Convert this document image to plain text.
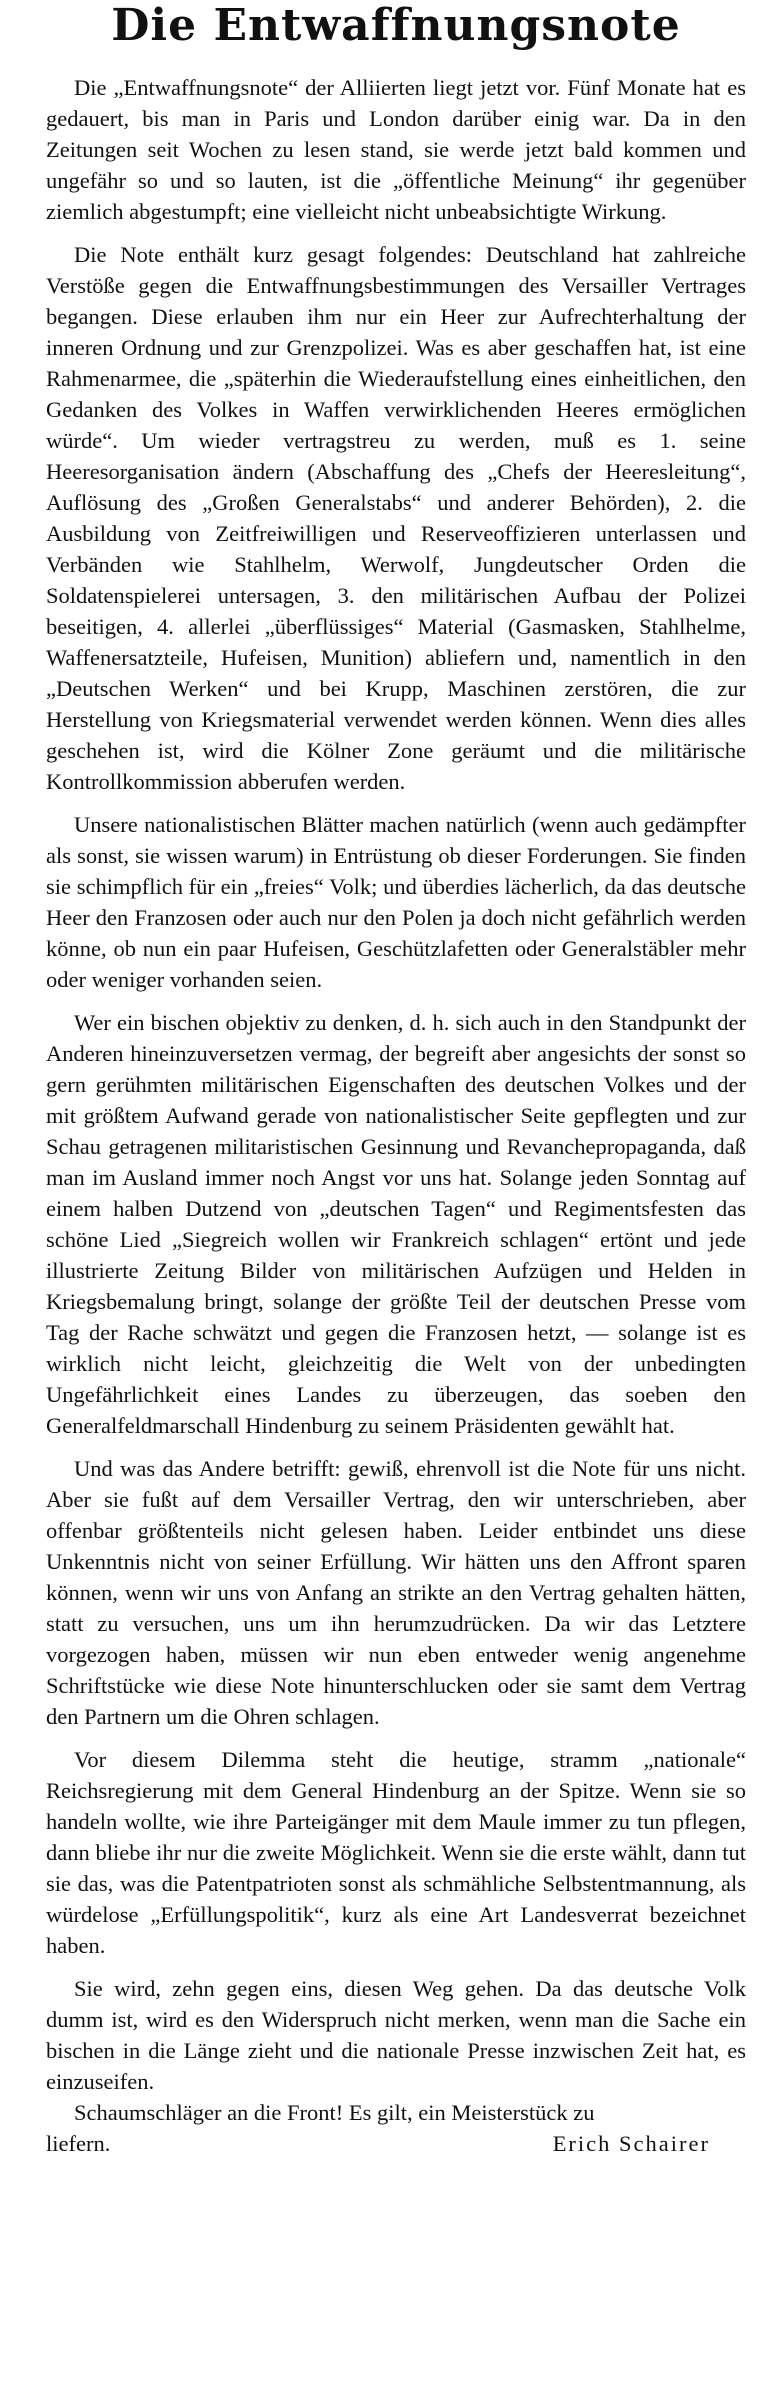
Die Entwaffnungsnote

Die „Entwaffnungsnote“ der Alliierten liegt jetzt vor. Fünf Monate hat es gedauert, bis man in Paris und London darüber einig war. Da in den Zeitungen seit Wochen zu lesen stand, sie werde jetzt bald kommen und ungefähr so und so lauten, ist die „öffentliche Meinung“ ihr gegenüber ziemlich abgestumpft; eine vielleicht nicht unbeabsichtigte Wirkung.

Die Note enthält kurz gesagt folgendes: Deutschland hat zahlreiche Verstöße gegen die Entwaffnungsbestimmungen des Versailler Vertrages begangen. Diese erlauben ihm nur ein Heer zur Aufrechterhaltung der inneren Ordnung und zur Grenzpolizei. Was es aber geschaffen hat, ist eine Rahmenarmee, die „späterhin die Wiederaufstellung eines einheitlichen, den Gedanken des Volkes in Waffen verwirklichenden Heeres ermöglichen würde“. Um wieder vertragstreu zu werden, muß es 1. seine Heeresorganisation ändern (Abschaffung des „Chefs der Heeresleitung“, Auflösung des „Großen Generalstabs“ und anderer Behörden), 2. die Ausbildung von Zeitfreiwilligen und Reserveoffizieren unterlassen und Verbänden wie Stahlhelm, Werwolf, Jungdeutscher Orden die Soldatenspielerei untersagen, 3. den militärischen Aufbau der Polizei beseitigen, 4. allerlei „überflüssiges“ Material (Gasmasken, Stahlhelme, Waffenersatzteile, Hufeisen, Munition) abliefern und, namentlich in den „Deutschen Werken“ und bei Krupp, Maschinen zerstören, die zur Herstellung von Kriegsmaterial verwendet werden können. Wenn dies alles geschehen ist, wird die Kölner Zone geräumt und die militärische Kontrollkommission abberufen werden.

Unsere nationalistischen Blätter machen natürlich (wenn auch gedämpfter als sonst, sie wissen warum) in Entrüstung ob dieser Forderungen. Sie finden sie schimpflich für ein „freies“ Volk; und überdies lächerlich, da das deutsche Heer den Franzosen oder auch nur den Polen ja doch nicht gefährlich werden könne, ob nun ein paar Hufeisen, Geschützlafetten oder Generalstäbler mehr oder weniger vorhanden seien.

Wer ein bischen objektiv zu denken, d. h. sich auch in den Standpunkt der Anderen hineinzuversetzen vermag, der begreift aber angesichts der sonst so gern gerühmten militärischen Eigenschaften des deutschen Volkes und der mit größtem Aufwand gerade von nationalistischer Seite gepflegten und zur Schau getragenen militaristischen Gesinnung und Revanchepropaganda, daß man im Ausland immer noch Angst vor uns hat. Solange jeden Sonntag auf einem halben Dutzend von „deutschen Tagen“ und Regimentsfesten das schöne Lied „Siegreich wollen wir Frankreich schlagen“ ertönt und jede illustrierte Zeitung Bilder von militärischen Aufzügen und Helden in Kriegsbemalung bringt, solange der größte Teil der deutschen Presse vom Tag der Rache schwätzt und gegen die Franzosen hetzt, — solange ist es wirklich nicht leicht, gleichzeitig die Welt von der unbedingten Ungefährlichkeit eines Landes zu überzeugen, das soeben den Generalfeldmarschall Hindenburg zu seinem Präsidenten gewählt hat.

Und was das Andere betrifft: gewiß, ehrenvoll ist die Note für uns nicht. Aber sie fußt auf dem Versailler Vertrag, den wir unterschrieben, aber offenbar größtenteils nicht gelesen haben. Leider entbindet uns diese Unkenntnis nicht von seiner Erfüllung. Wir hätten uns den Affront sparen können, wenn wir uns von Anfang an strikte an den Vertrag gehalten hätten, statt zu versuchen, uns um ihn herumzudrücken. Da wir das Letztere vorgezogen haben, müssen wir nun eben entweder wenig angenehme Schriftstücke wie diese Note hinunterschlucken oder sie samt dem Vertrag den Partnern um die Ohren schlagen.

Vor diesem Dilemma steht die heutige, stramm „nationale“ Reichsregierung mit dem General Hindenburg an der Spitze. Wenn sie so handeln wollte, wie ihre Parteigänger mit dem Maule immer zu tun pflegen, dann bliebe ihr nur die zweite Möglichkeit. Wenn sie die erste wählt, dann tut sie das, was die Patentpatrioten sonst als schmähliche Selbstentmannung, als würdelose „Erfüllungspolitik“, kurz als eine Art Landesverrat bezeichnet haben.

Sie wird, zehn gegen eins, diesen Weg gehen. Da das deutsche Volk dumm ist, wird es den Widerspruch nicht merken, wenn man die Sache ein bischen in die Länge zieht und die nationale Presse inzwischen Zeit hat, es einzuseifen.

Schaumschläger an die Front! Es gilt, ein Meisterstück zu
liefern.	Erich Schairer
